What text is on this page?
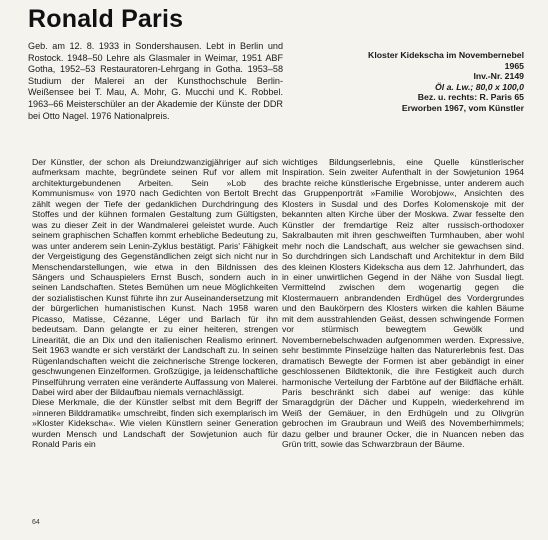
Ronald Paris

Geb. am 12. 8. 1933 in Sondershausen. Lebt in Berlin und Rostock. 1948–50 Lehre als Glasmaler in Weimar, 1951 ABF Gotha, 1952–53 Restauratoren-Lehrgang in Gotha. 1953–58 Studium der Malerei an der Kunsthochschule Berlin-Weißensee bei T. Mau, A. Mohr, G. Mucchi und K. Robbel. 1963–66 Meisterschüler an der Akademie der Künste der DDR bei Otto Nagel. 1976 Nationalpreis.

Kloster Kidekscha im Novembernebel
1965
Inv.-Nr. 2149
Öl a. Lw.; 80,0 x 100,0
Bez. u. rechts: R. Paris 65
Erworben 1967, vom Künstler

Der Künstler, der schon als Dreiundzwanzigjähriger auf sich aufmerksam machte, begründete seinen Ruf vor allem mit architekturgebundenen Arbeiten. Sein »Lob des Kommunismus« von 1970 nach Gedichten von Bertolt Brecht zählt wegen der Tiefe der gedanklichen Durchdringung des Stoffes und der kühnen formalen Gestaltung zum Gültigsten, was zu dieser Zeit in der Wandmalerei geleistet wurde. Auch seinem graphischen Schaffen kommt erhebliche Bedeutung zu, was unter anderem sein Lenin-Zyklus bestätigt. Paris' Fähigkeit der Vergeistigung des Gegenständlichen zeigt sich nicht nur in Menschendarstellungen, wie etwa in den Bildnissen des Sängers und Schauspielers Ernst Busch, sondern auch in seinen Landschaften. Stetes Bemühen um neue Möglichkeiten der sozialistischen Kunst führte ihn zur Auseinandersetzung mit der bürgerlichen humanistischen Kunst. Nach 1958 waren Picasso, Matisse, Cézanne, Léger und Barlach für ihn bedeutsam. Dann gelangte er zu einer heiteren, strengen Linearität, die an Dix und den italienischen Realismo erinnert. Seit 1963 wandte er sich verstärkt der Landschaft zu. In seinen Rügenlandschaften weicht die zeichnerische Strenge lockeren, geschwungenen Einzelformen. Großzügige, ja leidenschaftliche Pinselführung verraten eine veränderte Auffassung von Malerei. Dabei wird aber der Bildaufbau niemals vernachlässigt.

Diese Merkmale, die der Künstler selbst mit dem Begriff der »inneren Bilddramatik« umschreibt, finden sich exemplarisch im »Kloster Kidekscha«. Wie vielen Künstlern seiner Generation wurden Mensch und Landschaft der Sowjetunion auch für Ronald Paris ein

wichtiges Bildungserlebnis, eine Quelle künstlerischer Inspiration. Sein zweiter Aufenthalt in der Sowjetunion 1964 brachte reiche künstlerische Ergebnisse, unter anderem auch das Gruppenporträt »Familie Worobjow«, Ansichten des Klosters in Susdal und des Dorfes Kolomenskoje mit der bekannten alten Kirche über der Moskwa. Zwar fesselte den Künstler der fremdartige Reiz alter russisch-orthodoxer Sakralbauten mit ihren geschweiften Turmhauben, aber wohl mehr noch die Landschaft, aus welcher sie gewachsen sind. So durchdringen sich Landschaft und Architektur in dem Bild des kleinen Klosters Kidekscha aus dem 12. Jahrhundert, das in einer unwirtlichen Gegend in der Nähe von Susdal liegt. Vermittelnd zwischen dem wogenartig gegen die Klostermauern anbrandenden Erdhügel des Vordergrundes und den Baukörpern des Klosters wirken die kahlen Bäume mit dem ausstrahlenden Geäst, dessen schwingende Formen vor stürmisch bewegtem Gewölk und Novembernebelschwaden aufgenommen werden. Expressive, sehr bestimmte Pinselzüge halten das Naturerlebnis fest. Das dramatisch Bewegte der Formen ist aber gebändigt in einer geschlossenen Bildtektonik, die ihre Festigkeit auch durch harmonische Verteilung der Farbtöne auf der Bildfläche erhält. Paris beschränkt sich dabei auf wenige: das kühle Smaragdgrün der Dächer und Kuppeln, wiederkehrend im Weiß der Gemäuer, in den Erdhügeln und zu Olivgrün gebrochen im Graubraun und Weiß des Novemberhimmels; dazu gelber und brauner Ocker, die in Nuancen neben das Grün tritt, sowie das Schwarzbraun der Bäume.

64
